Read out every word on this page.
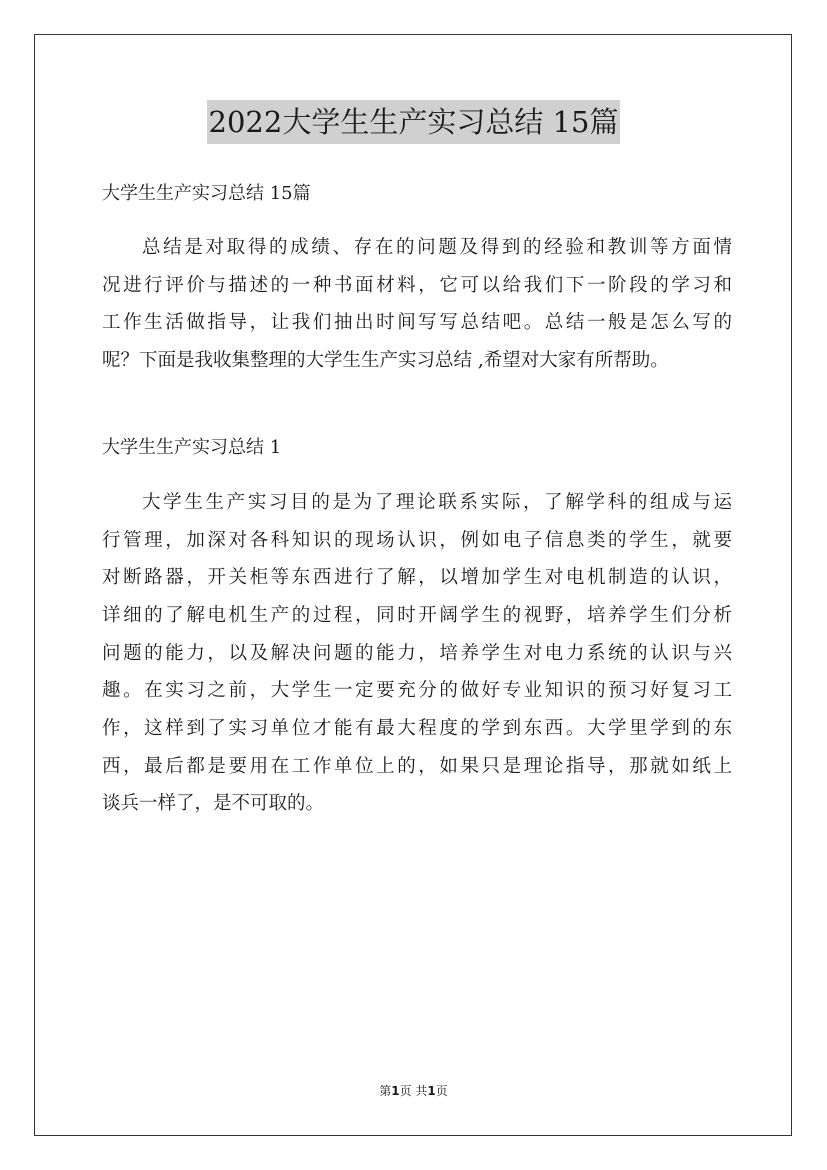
2022大学生生产实习总结 15篇

大学生生产实习总结 15篇

总结是对取得的成绩、存在的问题及得到的经验和教训等方面情
况进行评价与描述的一种书面材料，它可以给我们下一阶段的学习和
工作生活做指导，让我们抽出时间写写总结吧。总结一般是怎么写的
呢？下面是我收集整理的大学生生产实习总结 ,希望对大家有所帮助。

大学生生产实习总结 1

大学生生产实习目的是为了理论联系实际，了解学科的组成与运
行管理，加深对各科知识的现场认识，例如电子信息类的学生，就要
对断路器，开关柜等东西进行了解，以增加学生对电机制造的认识，
详细的了解电机生产的过程，同时开阔学生的视野，培养学生们分析
问题的能力，以及解决问题的能力，培养学生对电力系统的认识与兴
趣。在实习之前，大学生一定要充分的做好专业知识的预习好复习工
作，这样到了实习单位才能有最大程度的学到东西。大学里学到的东
西，最后都是要用在工作单位上的，如果只是理论指导，那就如纸上
谈兵一样了，是不可取的。

第1页 共1页
